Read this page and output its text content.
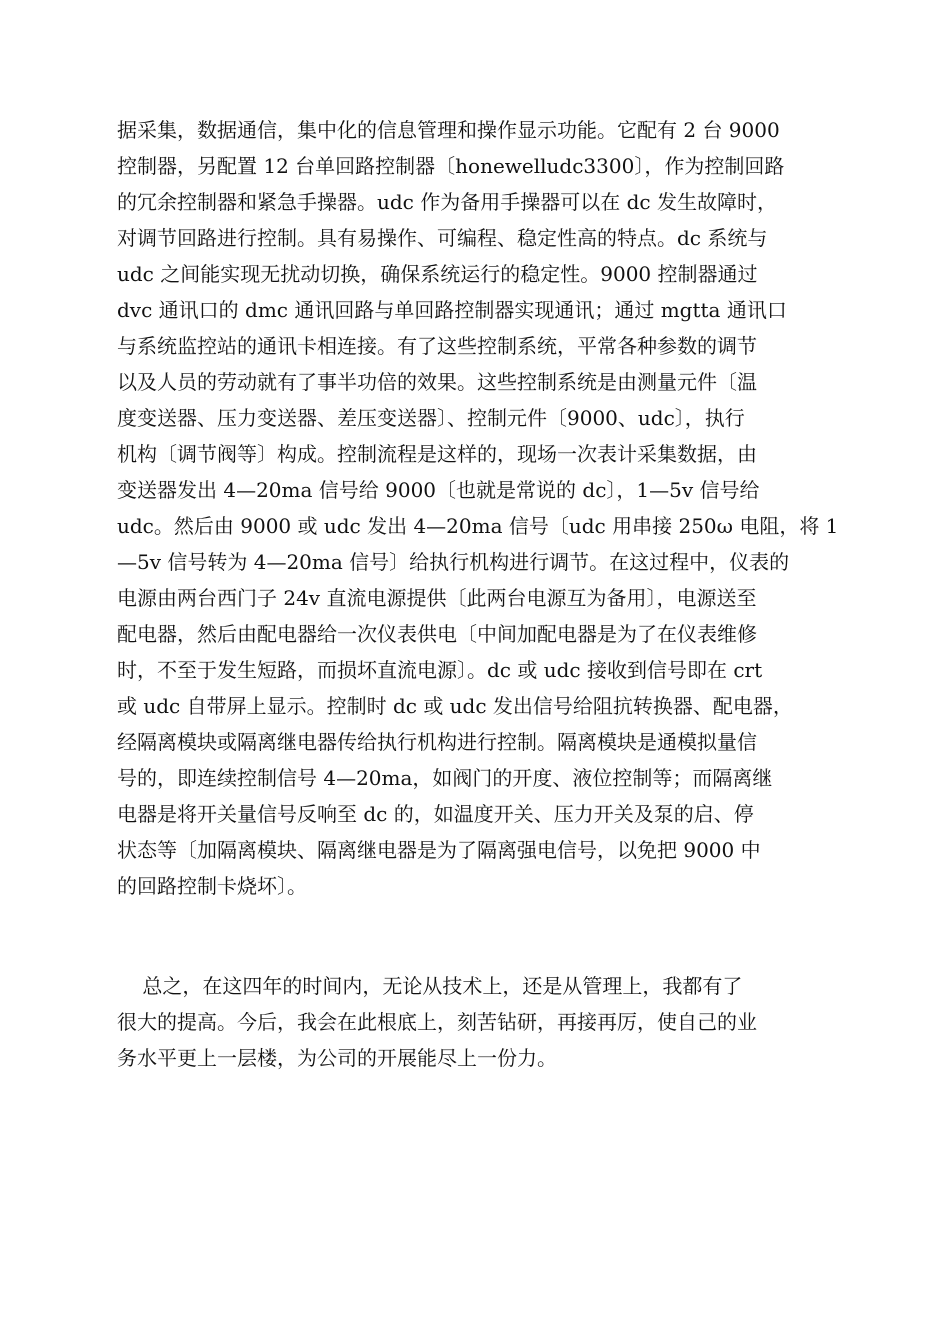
据采集，数据通信，集中化的信息管理和操作显示功能。它配有 2 台 9000
控制器，另配置 12 台单回路控制器〔honewelludc3300〕，作为控制回路
的冗余控制器和紧急手操器。udc 作为备用手操器可以在 dc 发生故障时，
对调节回路进行控制。具有易操作、可编程、稳定性高的特点。dc 系统与
udc 之间能实现无扰动切换，确保系统运行的稳定性。9000 控制器通过
dvc 通讯口的 dmc 通讯回路与单回路控制器实现通讯；通过 mgtta 通讯口
与系统监控站的通讯卡相连接。有了这些控制系统，平常各种参数的调节
以及人员的劳动就有了事半功倍的效果。这些控制系统是由测量元件〔温
度变送器、压力变送器、差压变送器〕、控制元件〔9000、udc〕，执行
机构〔调节阀等〕构成。控制流程是这样的，现场一次表计采集数据，由
变送器发出 4—20ma 信号给 9000〔也就是常说的 dc〕，1—5v 信号给
udc。然后由 9000 或 udc 发出 4—20ma 信号〔udc 用串接 250ω 电阻，将 1
—5v 信号转为 4—20ma 信号〕给执行机构进行调节。在这过程中，仪表的
电源由两台西门子 24v 直流电源提供〔此两台电源互为备用〕，电源送至
配电器，然后由配电器给一次仪表供电〔中间加配电器是为了在仪表维修
时，不至于发生短路，而损坏直流电源〕。dc 或 udc 接收到信号即在 crt
或 udc 自带屏上显示。控制时 dc 或 udc 发出信号给阻抗转换器、配电器，
经隔离模块或隔离继电器传给执行机构进行控制。隔离模块是通模拟量信
号的，即连续控制信号 4—20ma，如阀门的开度、液位控制等；而隔离继
电器是将开关量信号反响至 dc 的，如温度开关、压力开关及泵的启、停
状态等〔加隔离模块、隔离继电器是为了隔离强电信号，以免把 9000 中
的回路控制卡烧坏〕。
总之，在这四年的时间内，无论从技术上，还是从管理上，我都有了
很大的提高。今后，我会在此根底上，刻苦钻研，再接再厉，使自己的业
务水平更上一层楼，为公司的开展能尽上一份力。
